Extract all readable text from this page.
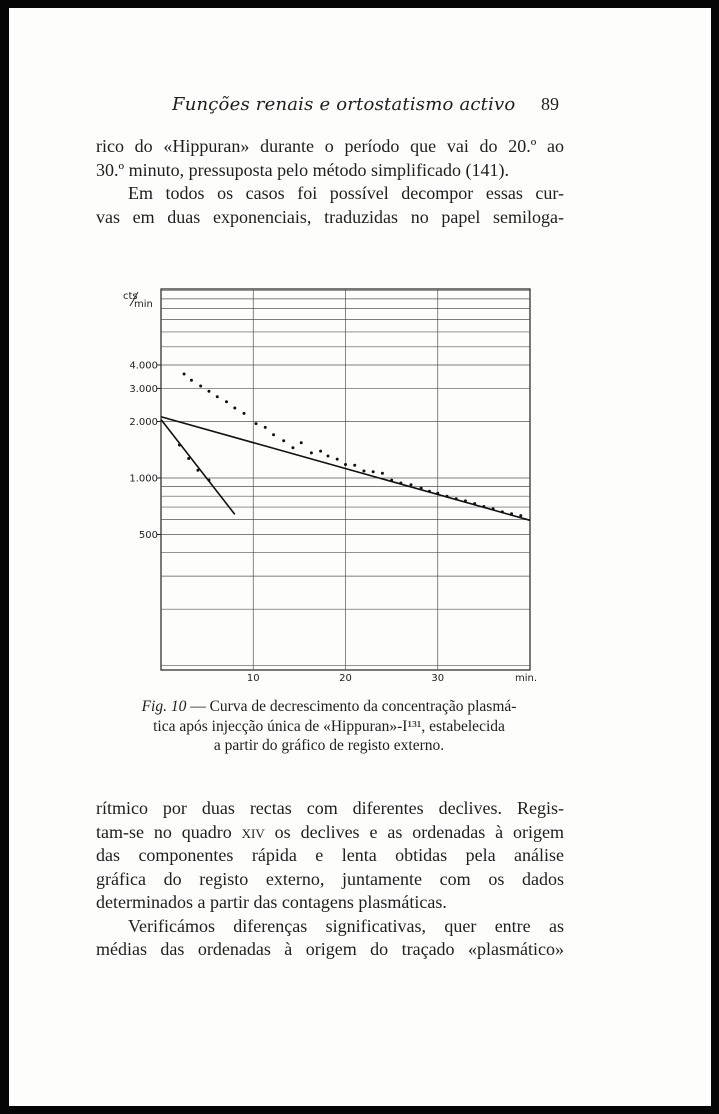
Funções renais e ortostatismo activo 89
rico do «Hippuran» durante o período que vai do 20.º ao
30.º minuto, pressuposta pelo método simplificado (141).
Em todos os casos foi possível decompor essas cur-
vas em duas exponenciais, traduzidas no papel semiloga-
4.000
3.000
2.000
1.000
500
10	20	30	min.
cts
min
Fig. 10 — Curva de decrescimento da concentração plasmá-
tica após injecção única de «Hippuran»-I¹³¹, estabelecida
a partir do gráfico de registo externo.
rítmico por duas rectas com diferentes declives. Regis-
tam-se no quadro xiv os declives e as ordenadas à origem
das componentes rápida e lenta obtidas pela análise
gráfica do registo externo, juntamente com os dados
determinados a partir das contagens plasmáticas.
Verificámos diferenças significativas, quer entre as
médias das ordenadas à origem do traçado «plasmático»
